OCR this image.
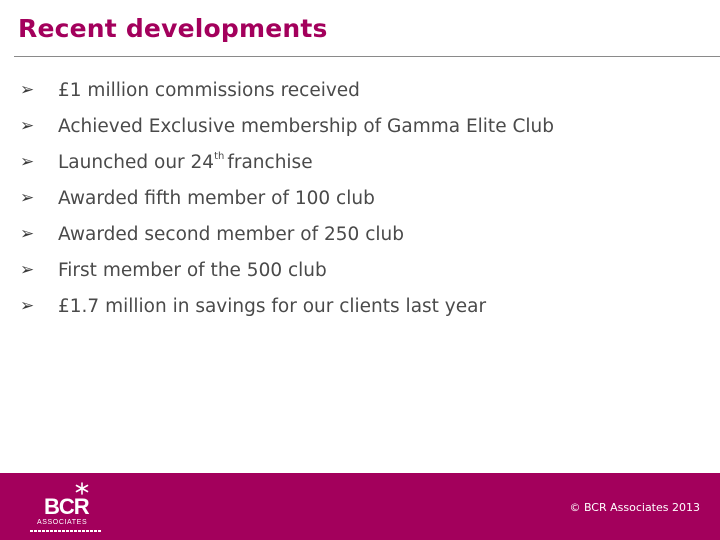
Recent developments
➢	£1 million commissions received
➢	Achieved Exclusive membership of Gamma Elite Club
➢	Launched our 24th franchise
➢	Awarded fifth member of 100 club
➢	Awarded second member of 250 club
➢	First member of the 500 club
➢	£1.7 million in savings for our clients last year
BCR
ASSOCIATES
© BCR Associates 2013
